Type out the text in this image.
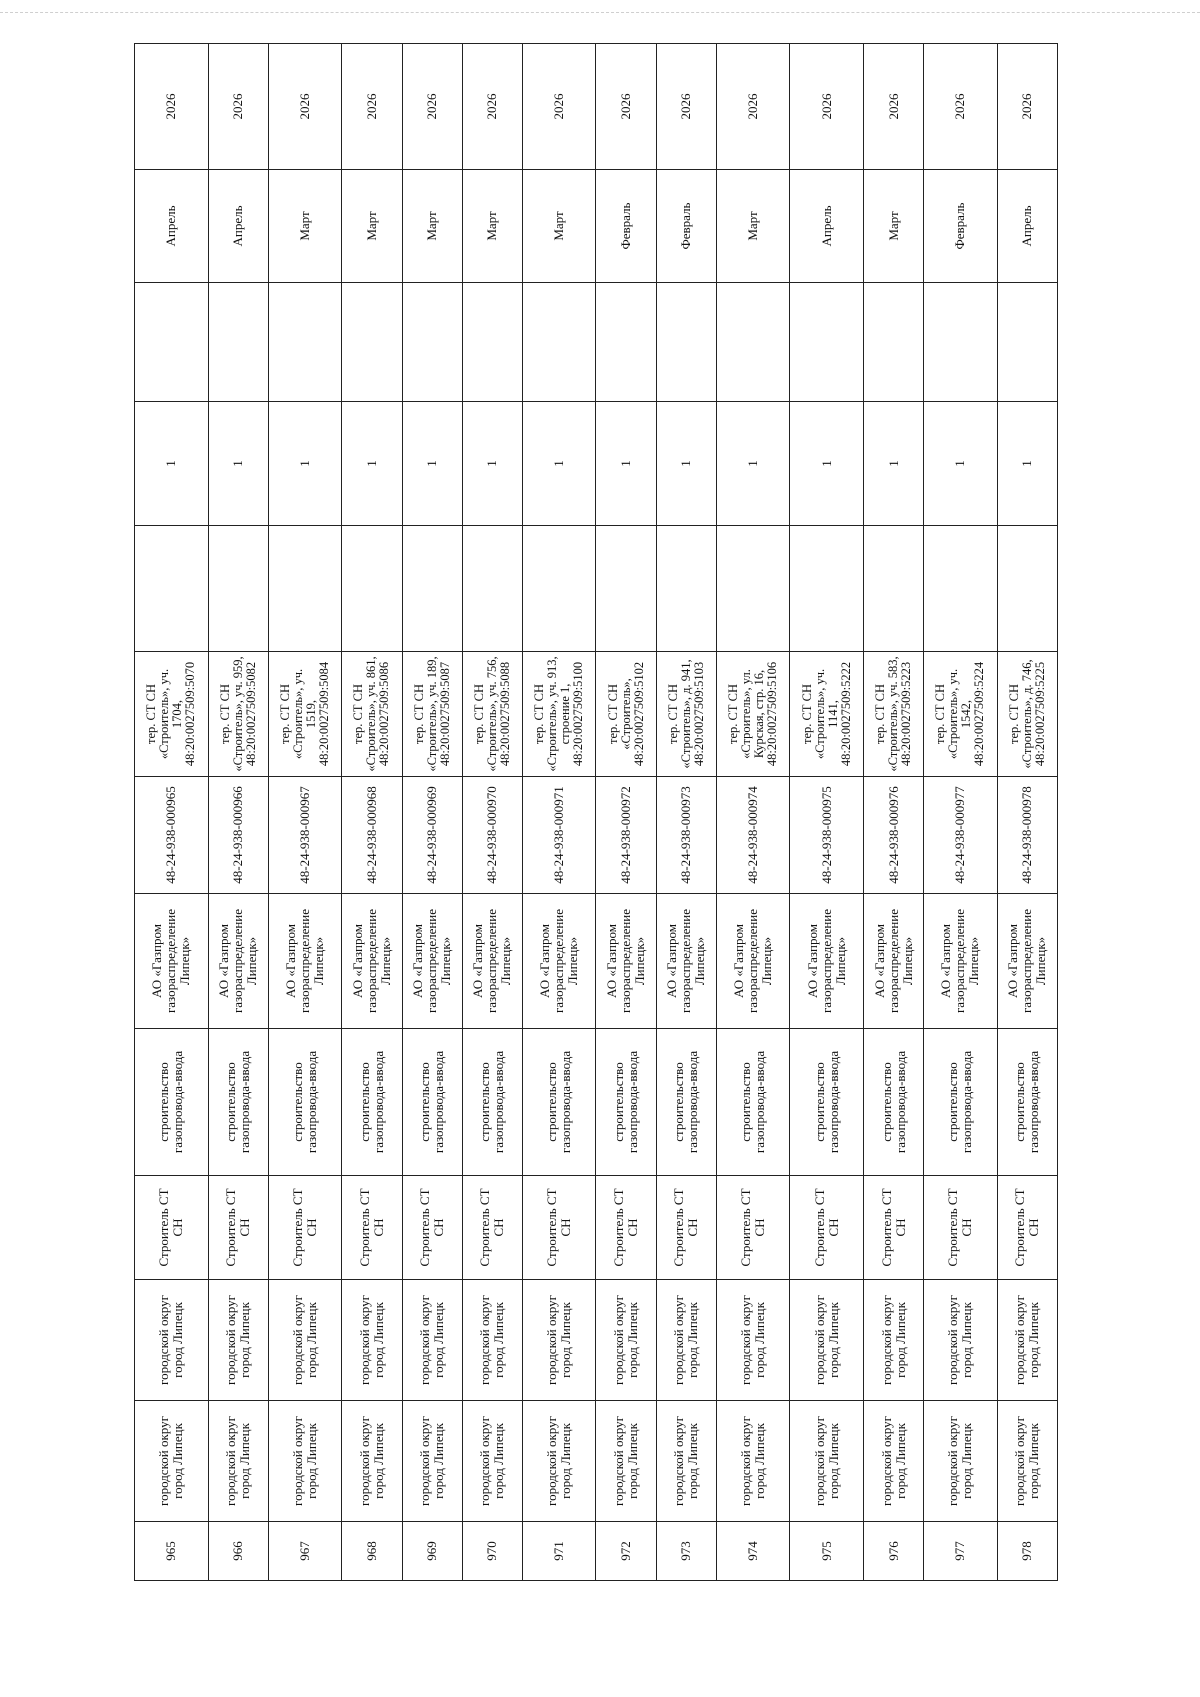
965	городской округ город Липецк	городской округ город Липецк	Строитель СТ СН	строительство газопровода-ввода	АО «Газпром газораспределение Липецк»	48-24-938-000965	тер. СТ СН «Строитель», уч. 1704, 48:20:0027509:5070		1		Апрель	2026
966	городской округ город Липецк	городской округ город Липецк	Строитель СТ СН	строительство газопровода-ввода	АО «Газпром газораспределение Липецк»	48-24-938-000966	тер. СТ СН «Строитель», уч. 959, 48:20:0027509:5082		1		Апрель	2026
967	городской округ город Липецк	городской округ город Липецк	Строитель СТ СН	строительство газопровода-ввода	АО «Газпром газораспределение Липецк»	48-24-938-000967	тер. СТ СН «Строитель», уч. 1519, 48:20:0027509:5084		1		Март	2026
968	городской округ город Липецк	городской округ город Липецк	Строитель СТ СН	строительство газопровода-ввода	АО «Газпром газораспределение Липецк»	48-24-938-000968	тер. СТ СН «Строитель», уч. 861, 48:20:0027509:5086		1		Март	2026
969	городской округ город Липецк	городской округ город Липецк	Строитель СТ СН	строительство газопровода-ввода	АО «Газпром газораспределение Липецк»	48-24-938-000969	тер. СТ СН «Строитель», уч. 189, 48:20:0027509:5087		1		Март	2026
970	городской округ город Липецк	городской округ город Липецк	Строитель СТ СН	строительство газопровода-ввода	АО «Газпром газораспределение Липецк»	48-24-938-000970	тер. СТ СН «Строитель», уч. 756, 48:20:0027509:5088		1		Март	2026
971	городской округ город Липецк	городской округ город Липецк	Строитель СТ СН	строительство газопровода-ввода	АО «Газпром газораспределение Липецк»	48-24-938-000971	тер. СТ СН «Строитель», уч. 913, строение 1, 48:20:0027509:5100		1		Март	2026
972	городской округ город Липецк	городской округ город Липецк	Строитель СТ СН	строительство газопровода-ввода	АО «Газпром газораспределение Липецк»	48-24-938-000972	тер. СТ СН «Строитель», 48:20:0027509:5102		1		Февраль	2026
973	городской округ город Липецк	городской округ город Липецк	Строитель СТ СН	строительство газопровода-ввода	АО «Газпром газораспределение Липецк»	48-24-938-000973	тер. СТ СН «Строитель», д. 941, 48:20:0027509:5103		1		Февраль	2026
974	городской округ город Липецк	городской округ город Липецк	Строитель СТ СН	строительство газопровода-ввода	АО «Газпром газораспределение Липецк»	48-24-938-000974	тер. СТ СН «Строитель», ул. Курская, стр. 16, 48:20:0027509:5106		1		Март	2026
975	городской округ город Липецк	городской округ город Липецк	Строитель СТ СН	строительство газопровода-ввода	АО «Газпром газораспределение Липецк»	48-24-938-000975	тер. СТ СН «Строитель», уч. 1141, 48:20:0027509:5222		1		Апрель	2026
976	городской округ город Липецк	городской округ город Липецк	Строитель СТ СН	строительство газопровода-ввода	АО «Газпром газораспределение Липецк»	48-24-938-000976	тер. СТ СН «Строитель», уч. 583, 48:20:0027509:5223		1		Март	2026
977	городской округ город Липецк	городской округ город Липецк	Строитель СТ СН	строительство газопровода-ввода	АО «Газпром газораспределение Липецк»	48-24-938-000977	тер. СТ СН «Строитель», уч. 1542, 48:20:0027509:5224		1		Февраль	2026
978	городской округ город Липецк	городской округ город Липецк	Строитель СТ СН	строительство газопровода-ввода	АО «Газпром газораспределение Липецк»	48-24-938-000978	тер. СТ СН «Строитель», д. 746, 48:20:0027509:5225		1		Апрель	2026
